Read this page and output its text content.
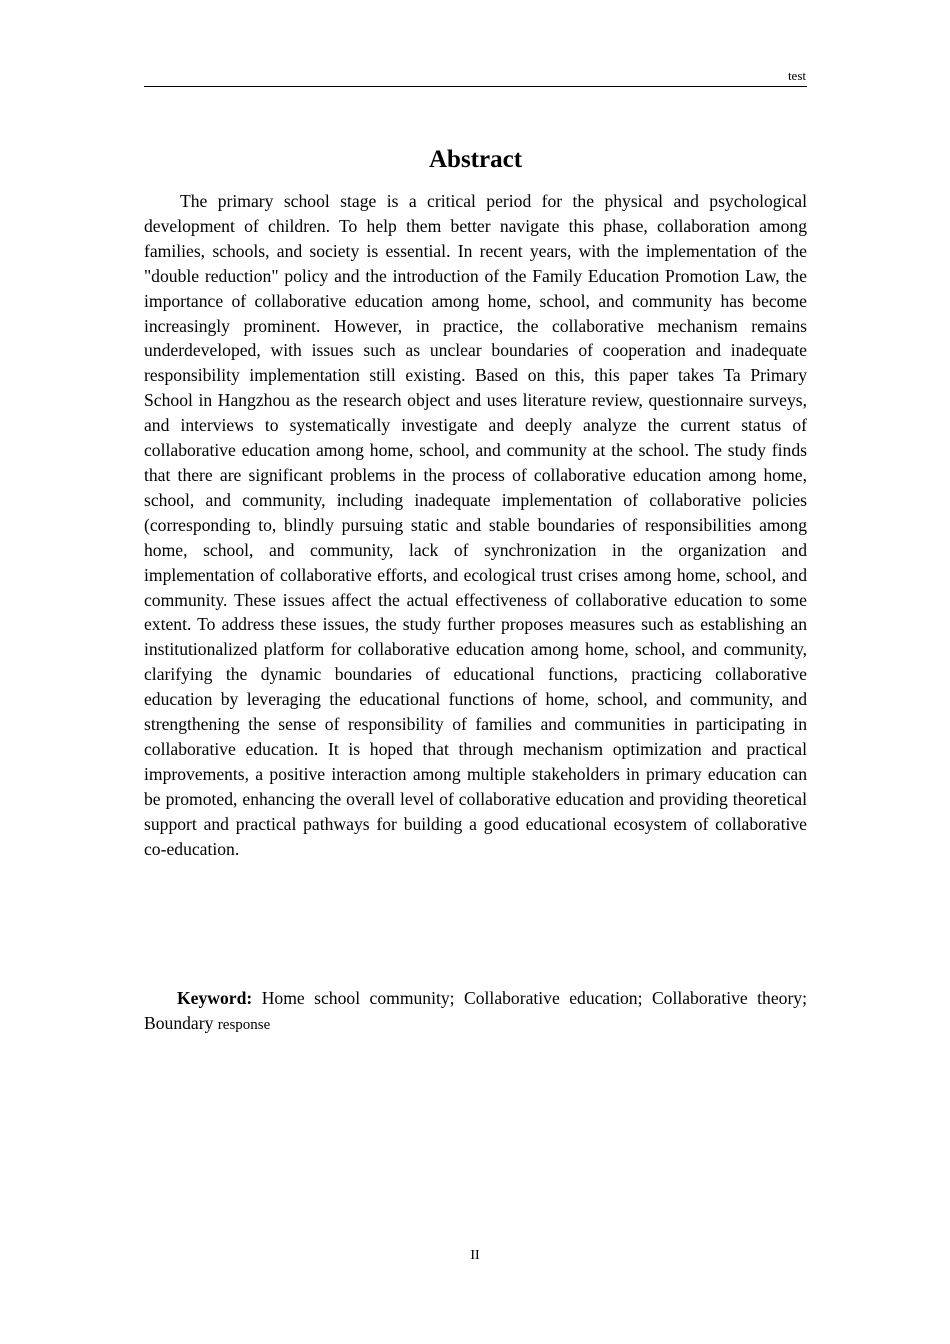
test
Abstract

The primary school stage is a critical period for the physical and psychological development of children. To help them better navigate this phase, collaboration among families, schools, and society is essential. In recent years, with the implementation of the "double reduction" policy and the introduction of the Family Education Promotion Law, the importance of collaborative education among home, school, and community has become increasingly prominent. However, in practice, the collaborative mechanism remains underdeveloped, with issues such as unclear boundaries of cooperation and inadequate responsibility implementation still existing. Based on this, this paper takes Ta Primary School in Hangzhou as the research object and uses literature review, questionnaire surveys, and interviews to systematically investigate and deeply analyze the current status of collaborative education among home, school, and community at the school. The study finds that there are significant problems in the process of collaborative education among home, school, and community, including inadequate implementation of collaborative policies (corresponding to, blindly pursuing static and stable boundaries of responsibilities among home, school, and community, lack of synchronization in the organization and implementation of collaborative efforts, and ecological trust crises among home, school, and community. These issues affect the actual effectiveness of collaborative education to some extent. To address these issues, the study further proposes measures such as establishing an institutionalized platform for collaborative education among home, school, and community, clarifying the dynamic boundaries of educational functions, practicing collaborative education by leveraging the educational functions of home, school, and community, and strengthening the sense of responsibility of families and communities in participating in collaborative education. It is hoped that through mechanism optimization and practical improvements, a positive interaction among multiple stakeholders in primary education can be promoted, enhancing the overall level of collaborative education and providing theoretical support and practical pathways for building a good educational ecosystem of collaborative co-education.

Keyword: Home school community; Collaborative education; Collaborative theory; Boundary response

II
